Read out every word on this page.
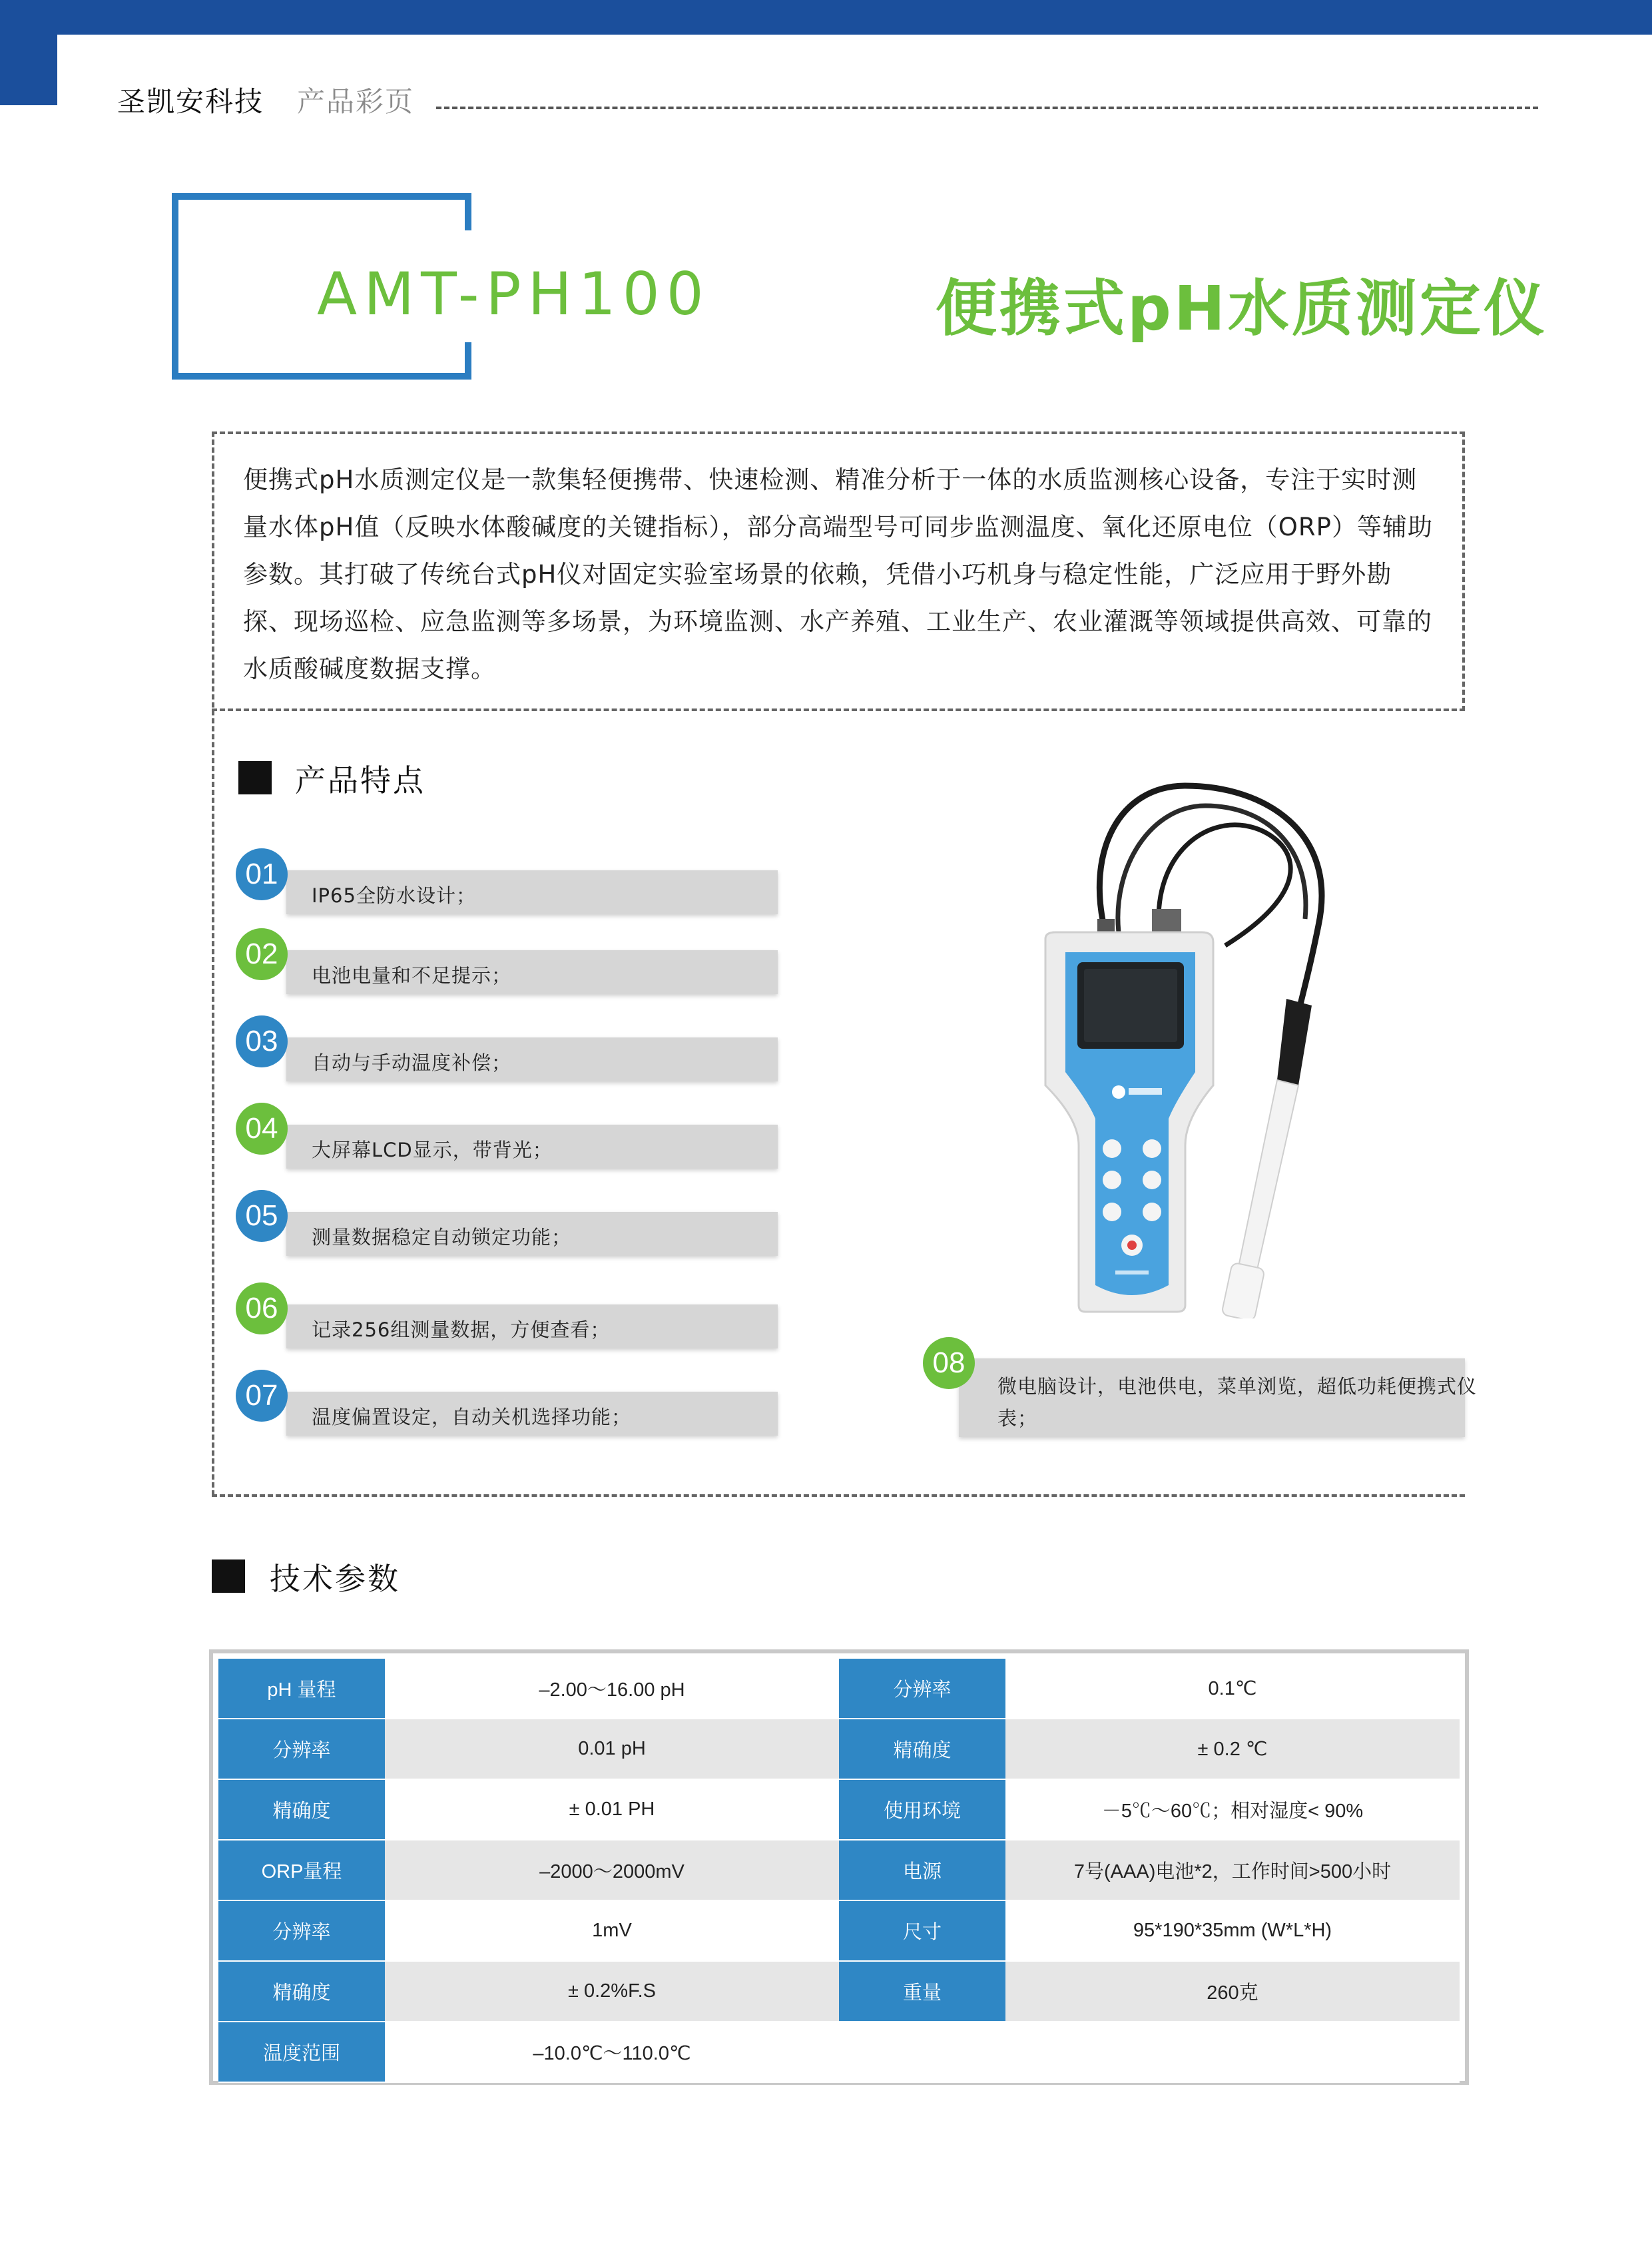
圣凯安科技 产品彩页
AMT-PH100	便携式pH水质测定仪
便携式pH水质测定仪是一款集轻便携带、快速检测、精准分析于一体的水质监测核心设备，专注于实时测量水体pH值（反映水体酸碱度的关键指标），部分高端型号可同步监测温度、氧化还原电位（ORP）等辅助参数。其打破了传统台式pH仪对固定实验室场景的依赖，凭借小巧机身与稳定性能，广泛应用于野外勘探、现场巡检、应急监测等多场景，为环境监测、水产养殖、工业生产、农业灌溉等领域提供高效、可靠的水质酸碱度数据支撑。
产品特点
01
IP65全防水设计；
02
电池电量和不足提示；
03
自动与手动温度补偿；
04
大屏幕LCD显示，带背光；
05
测量数据稳定自动锁定功能；
06
记录256组测量数据，方便查看；
07
温度偏置设定，自动关机选择功能；
08
微电脑设计，电池供电，菜单浏览，超低功耗便携式仪
表；
技术参数
pH 量程	–2.00～16.00 pH	分辨率	0.1℃
分辨率	0.01 pH	精确度	± 0.2 ℃
精确度	± 0.01 PH	使用环境	－5℃～60℃；相对湿度< 90%
ORP量程	–2000～2000mV	电源	7号(AAA)电池*2，工作时间>500小时
分辨率	1mV	尺寸	95*190*35mm (W*L*H)
精确度	± 0.2%F.S	重量	260克
温度范围	–10.0℃～110.0℃		
